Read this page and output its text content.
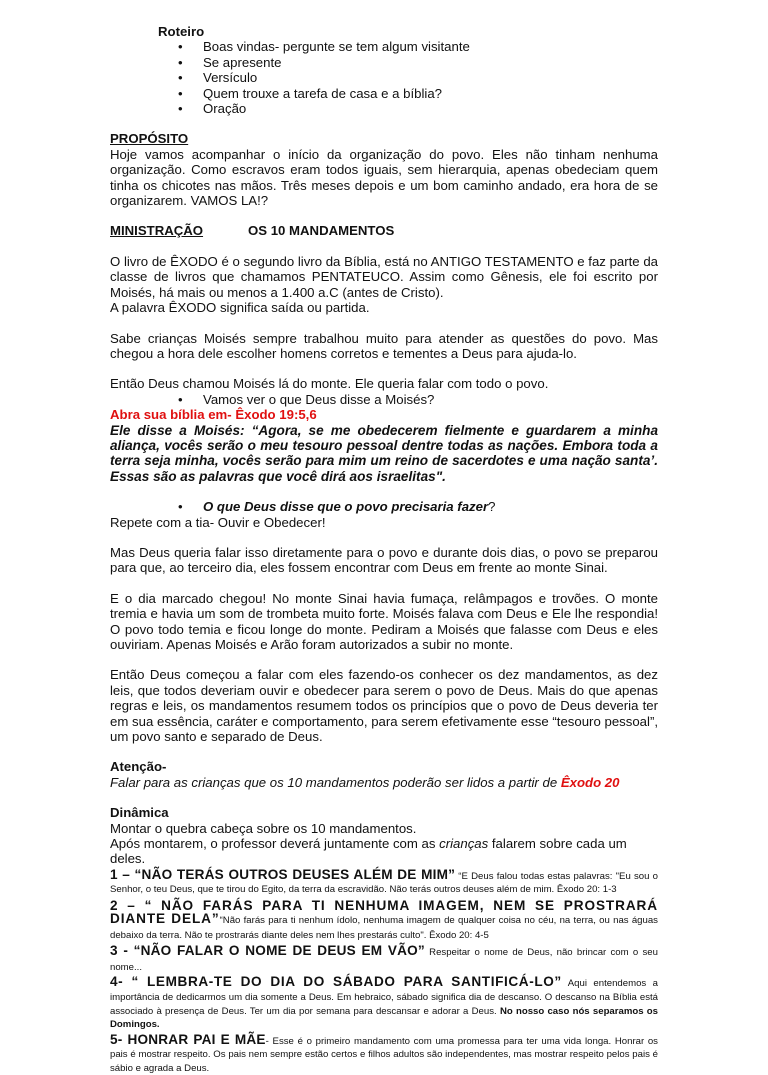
Roteiro

• Boas vindas- pergunte se tem algum visitante
• Se apresente
• Versículo
• Quem trouxe a tarefa de casa e a bíblia?
• Oração

PROPÓSITO

Hoje vamos acompanhar o início da organização do povo. Eles não tinham nenhuma organização. Como escravos eram todos iguais, sem hierarquia, apenas obedeciam quem tinha os chicotes nas mãos. Três meses depois e um bom caminho andado, era hora de se organizarem. VAMOS LA!?

MINISTRAÇÃO	OS 10 MANDAMENTOS

O livro de ÊXODO é o segundo livro da Bíblia, está no ANTIGO TESTAMENTO e faz parte da classe de livros que chamamos PENTATEUCO. Assim como Gênesis, ele foi escrito por Moisés, há mais ou menos a 1.400 a.C (antes de Cristo).

A palavra ÊXODO significa saída ou partida.

Sabe crianças Moisés sempre trabalhou muito para atender as questões do povo. Mas chegou a hora dele escolher homens corretos e tementes a Deus para ajuda-lo.

Então Deus chamou Moisés lá do monte. Ele queria falar com todo o povo.

• Vamos ver o que Deus disse a Moisés?

Abra sua bíblia em- Êxodo 19:5,6

Ele disse a Moisés: “Agora, se me obedecerem fielmente e guardarem a minha aliança, vocês serão o meu tesouro pessoal dentre todas as nações. Embora toda a terra seja minha, vocês serão para mim um reino de sacerdotes e uma nação santa’. Essas são as palavras que você dirá aos israelitas".

• O que Deus disse que o povo precisaria fazer?

Repete com a tia- Ouvir e Obedecer!

Mas Deus queria falar isso diretamente para o povo e durante dois dias, o povo se preparou para que, ao terceiro dia, eles fossem encontrar com Deus em frente ao monte Sinai.

E o dia marcado chegou! No monte Sinai havia fumaça, relâmpagos e trovões. O monte tremia e havia um som de trombeta muito forte. Moisés falava com Deus e Ele lhe respondia! O povo todo temia e ficou longe do monte. Pediram a Moisés que falasse com Deus e eles ouviriam. Apenas Moisés e Arão foram autorizados a subir no monte.

Então Deus começou a falar com eles fazendo-os conhecer os dez mandamentos, as dez leis, que todos deveriam ouvir e obedecer para serem o povo de Deus. Mais do que apenas regras e leis, os mandamentos resumem todos os princípios que o povo de Deus deveria ter em sua essência, caráter e comportamento, para serem efetivamente esse “tesouro pessoal”, um povo santo e separado de Deus.

Atenção-

Falar para as crianças que os 10 mandamentos poderão ser lidos a partir de Êxodo 20

Dinâmica

Montar o quebra cabeça sobre os 10 mandamentos.

Após montarem, o professor deverá juntamente com as crianças falarem sobre cada um deles.

1 – “NÃO TERÁS OUTROS DEUSES ALÉM DE MIM” “E Deus falou todas estas palavras: "Eu sou o Senhor, o teu Deus, que te tirou do Egito, da terra da escravidão. Não terás outros deuses além de mim. Êxodo 20: 1-3

2 – “ NÃO FARÁS PARA TI NENHUMA IMAGEM, NEM SE PROSTRARÁ DIANTE DELA”“Não farás para ti nenhum ídolo, nenhuma imagem de qualquer coisa no céu, na terra, ou nas águas debaixo da terra. Não te prostrarás diante deles nem lhes prestarás culto". Êxodo 20: 4-5

3 - “NÃO FALAR O NOME DE DEUS EM VÃO” Respeitar o nome de Deus, não brincar com o seu nome...

4- “ LEMBRA-TE DO DIA DO SÁBADO PARA SANTIFICÁ-LO” Aqui entendemos a importância de dedicarmos um dia somente a Deus. Em hebraico, sábado significa dia de descanso. O descanso na Bíblia está associado à presença de Deus. Ter um dia por semana para descansar e adorar a Deus. No nosso caso nós separamos os Domingos.

5- HONRAR PAI E MÃE- Esse é o primeiro mandamento com uma promessa para ter uma vida longa. Honrar os pais é mostrar respeito. Os pais nem sempre estão certos e filhos adultos são independentes, mas mostrar respeito pelos pais é sábio e agrada a Deus.
